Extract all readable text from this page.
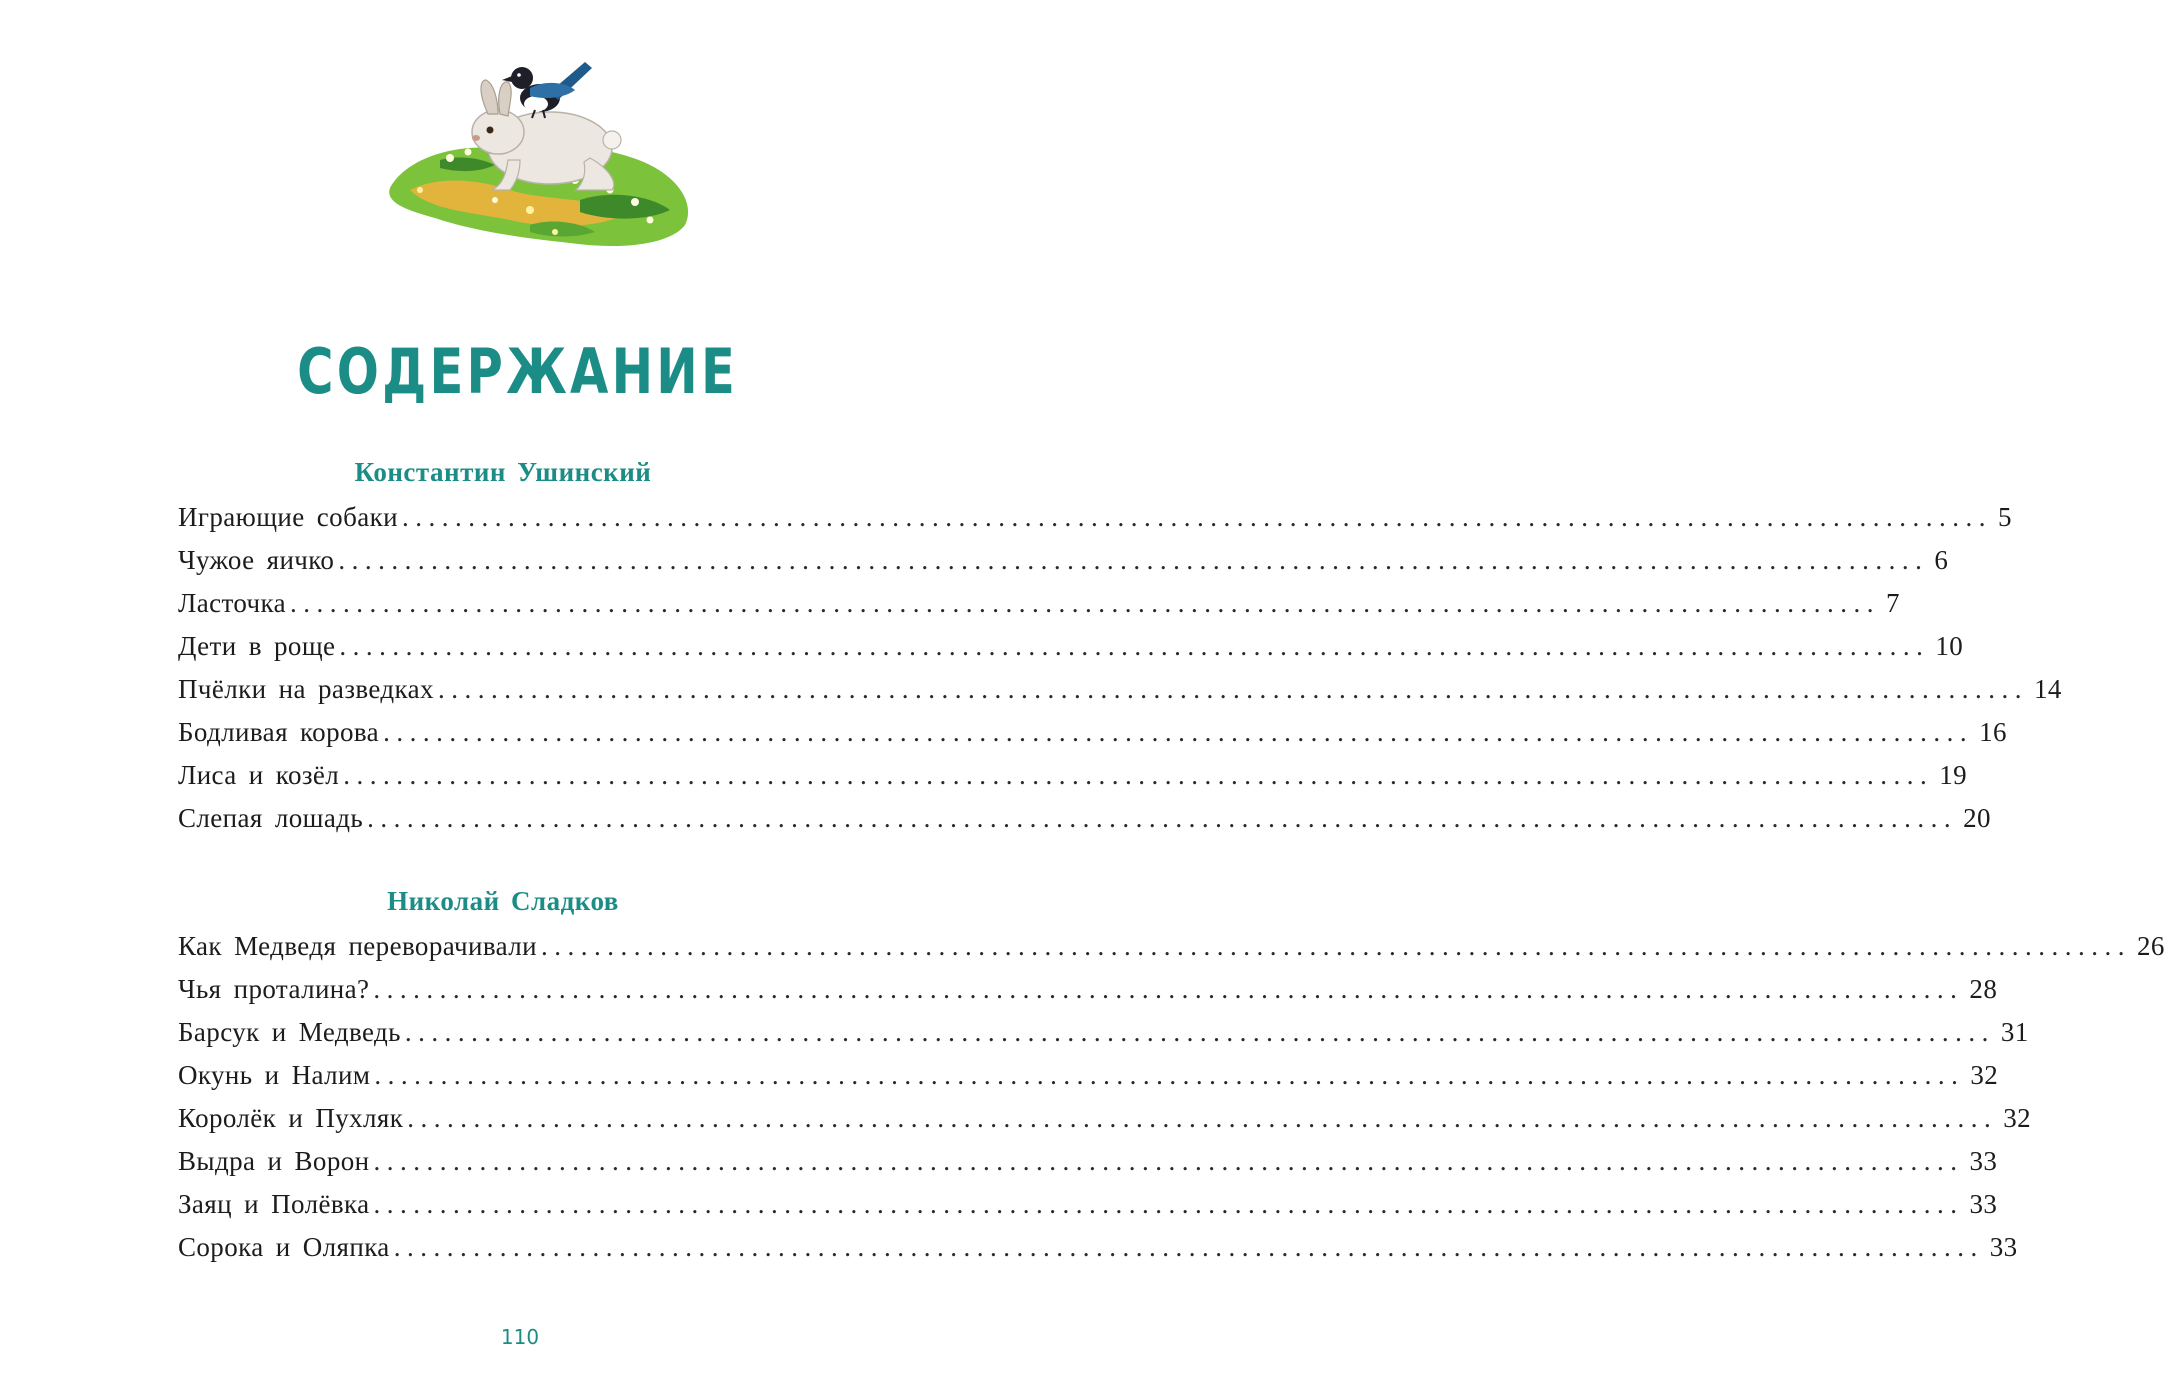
СОДЕРЖАНИЕ
Константин Ушинский
Играющие собаки ........................................................................................................................ 5
Чужое яичко ........................................................................................................................ 6
Ласточка ........................................................................................................................ 7
Дети в роще ........................................................................................................................ 10
Пчёлки на разведках ........................................................................................................................ 14
Бодливая корова ........................................................................................................................ 16
Лиса и козёл ........................................................................................................................ 19
Слепая лошадь ........................................................................................................................ 20
Николай Сладков
Как Медведя переворачивали ........................................................................................................................ 26
Чья проталина? ........................................................................................................................ 28
Барсук и Медведь ........................................................................................................................ 31
Окунь и Налим ........................................................................................................................ 32
Королёк и Пухляк ........................................................................................................................ 32
Выдра и Ворон ........................................................................................................................ 33
Заяц и Полёвка ........................................................................................................................ 33
Сорока и Оляпка ........................................................................................................................ 33
110
